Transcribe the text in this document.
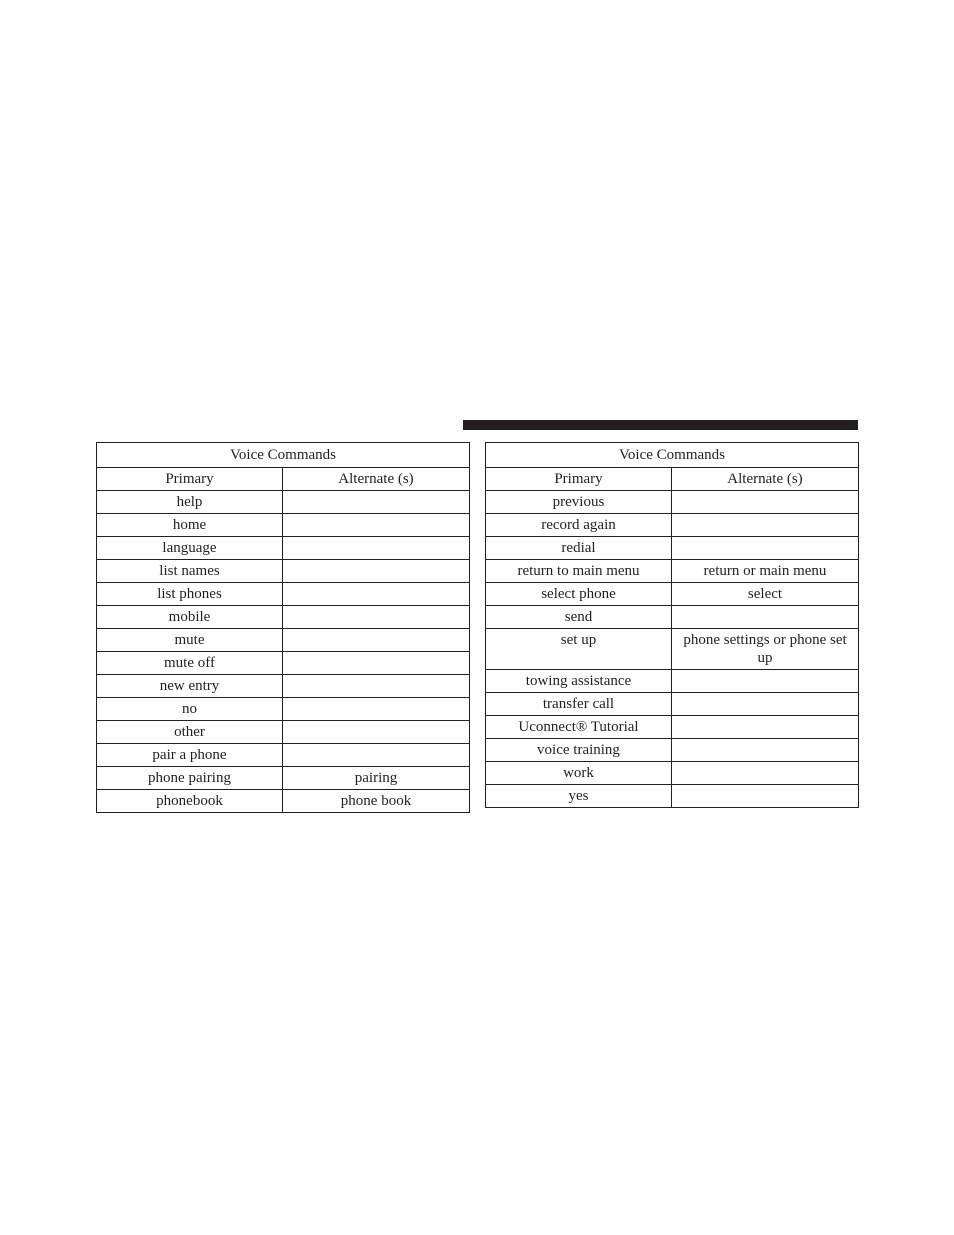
Voice Commands	
Primary	Alternate (s)
help	
home	
language	
list names	
list phones	
mobile	
mute	
mute off	
new entry	
no	
other	
pair a phone	
phone pairing	pairing
phonebook	phone book
Voice Commands	
Primary	Alternate (s)
previous	
record again	
redial	
return to main menu	return or main menu
select phone	select
send	
set up	phone settings or phone set up
towing assistance	
transfer call	
Uconnect® Tutorial	
voice training	
work	
yes	
